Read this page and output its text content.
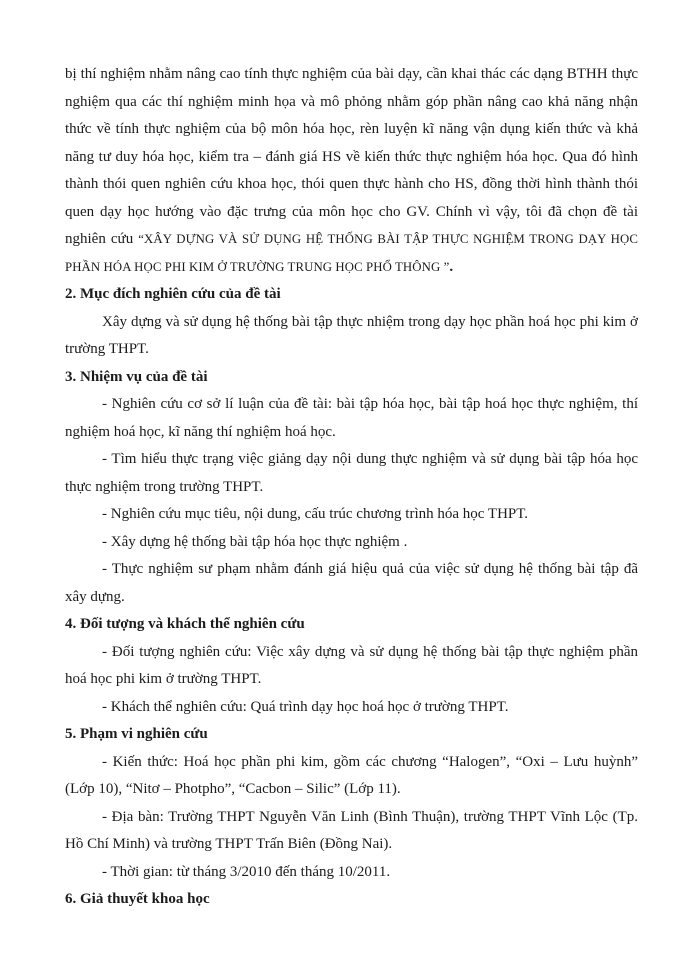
bị thí nghiệm nhằm nâng cao tính thực nghiệm của bài dạy, cần khai thác các dạng BTHH thực nghiệm qua các thí nghiệm minh họa và mô phỏng nhằm góp phần nâng cao khả năng nhận thức về tính thực nghiệm của bộ môn hóa học, rèn luyện kĩ năng vận dụng kiến thức và khả năng tư duy hóa học, kiểm tra – đánh giá HS về kiến thức thực nghiệm hóa học. Qua đó hình thành thói quen nghiên cứu khoa học, thói quen thực hành cho HS, đồng thời hình thành thói quen dạy học hướng vào đặc trưng của môn học cho GV. Chính vì vậy, tôi đã chọn đề tài nghiên cứu “XÂY DỰNG VÀ SỬ DỤNG HỆ THỐNG BÀI TẬP THỰC NGHIỆM TRONG DẠY HỌC PHẦN HÓA HỌC PHI KIM Ở TRƯỜNG TRUNG HỌC PHỔ THÔNG ”.

2. Mục đích nghiên cứu của đề tài

Xây dựng và sử dụng hệ thống bài tập thực nhiệm trong dạy học phần hoá học phi kim ở trường THPT.

3. Nhiệm vụ của đề tài

- Nghiên cứu cơ sở lí luận của đề tài: bài tập hóa học, bài tập hoá học thực nghiệm, thí nghiệm hoá học, kĩ năng thí nghiệm hoá học.

- Tìm hiểu thực trạng việc giảng dạy nội dung thực nghiệm và sử dụng bài tập hóa học thực nghiệm trong trường THPT.

- Nghiên cứu mục tiêu, nội dung, cấu trúc chương trình hóa học THPT.

- Xây dựng hệ thống bài tập hóa học thực nghiệm .

- Thực nghiệm sư phạm nhằm đánh giá hiệu quả của việc sử dụng hệ thống bài tập đã xây dựng.

4. Đối tượng và khách thể nghiên cứu

- Đối tượng nghiên cứu: Việc xây dựng và sử dụng hệ thống bài tập thực nghiệm phần hoá học phi kim ở trường THPT.

- Khách thể nghiên cứu: Quá trình dạy học hoá học ở trường THPT.

5. Phạm vi nghiên cứu

- Kiến thức: Hoá học phần phi kim, gồm các chương “Halogen”, “Oxi – Lưu huỳnh” (Lớp 10), “Nitơ – Photpho”, “Cacbon – Silic” (Lớp 11).

- Địa bàn: Trường THPT Nguyễn Văn Linh (Bình Thuận), trường THPT Vĩnh Lộc (Tp. Hồ Chí Minh) và trường THPT Trấn Biên (Đồng Nai).

- Thời gian: từ tháng 3/2010 đến tháng 10/2011.

6. Giả thuyết khoa học
